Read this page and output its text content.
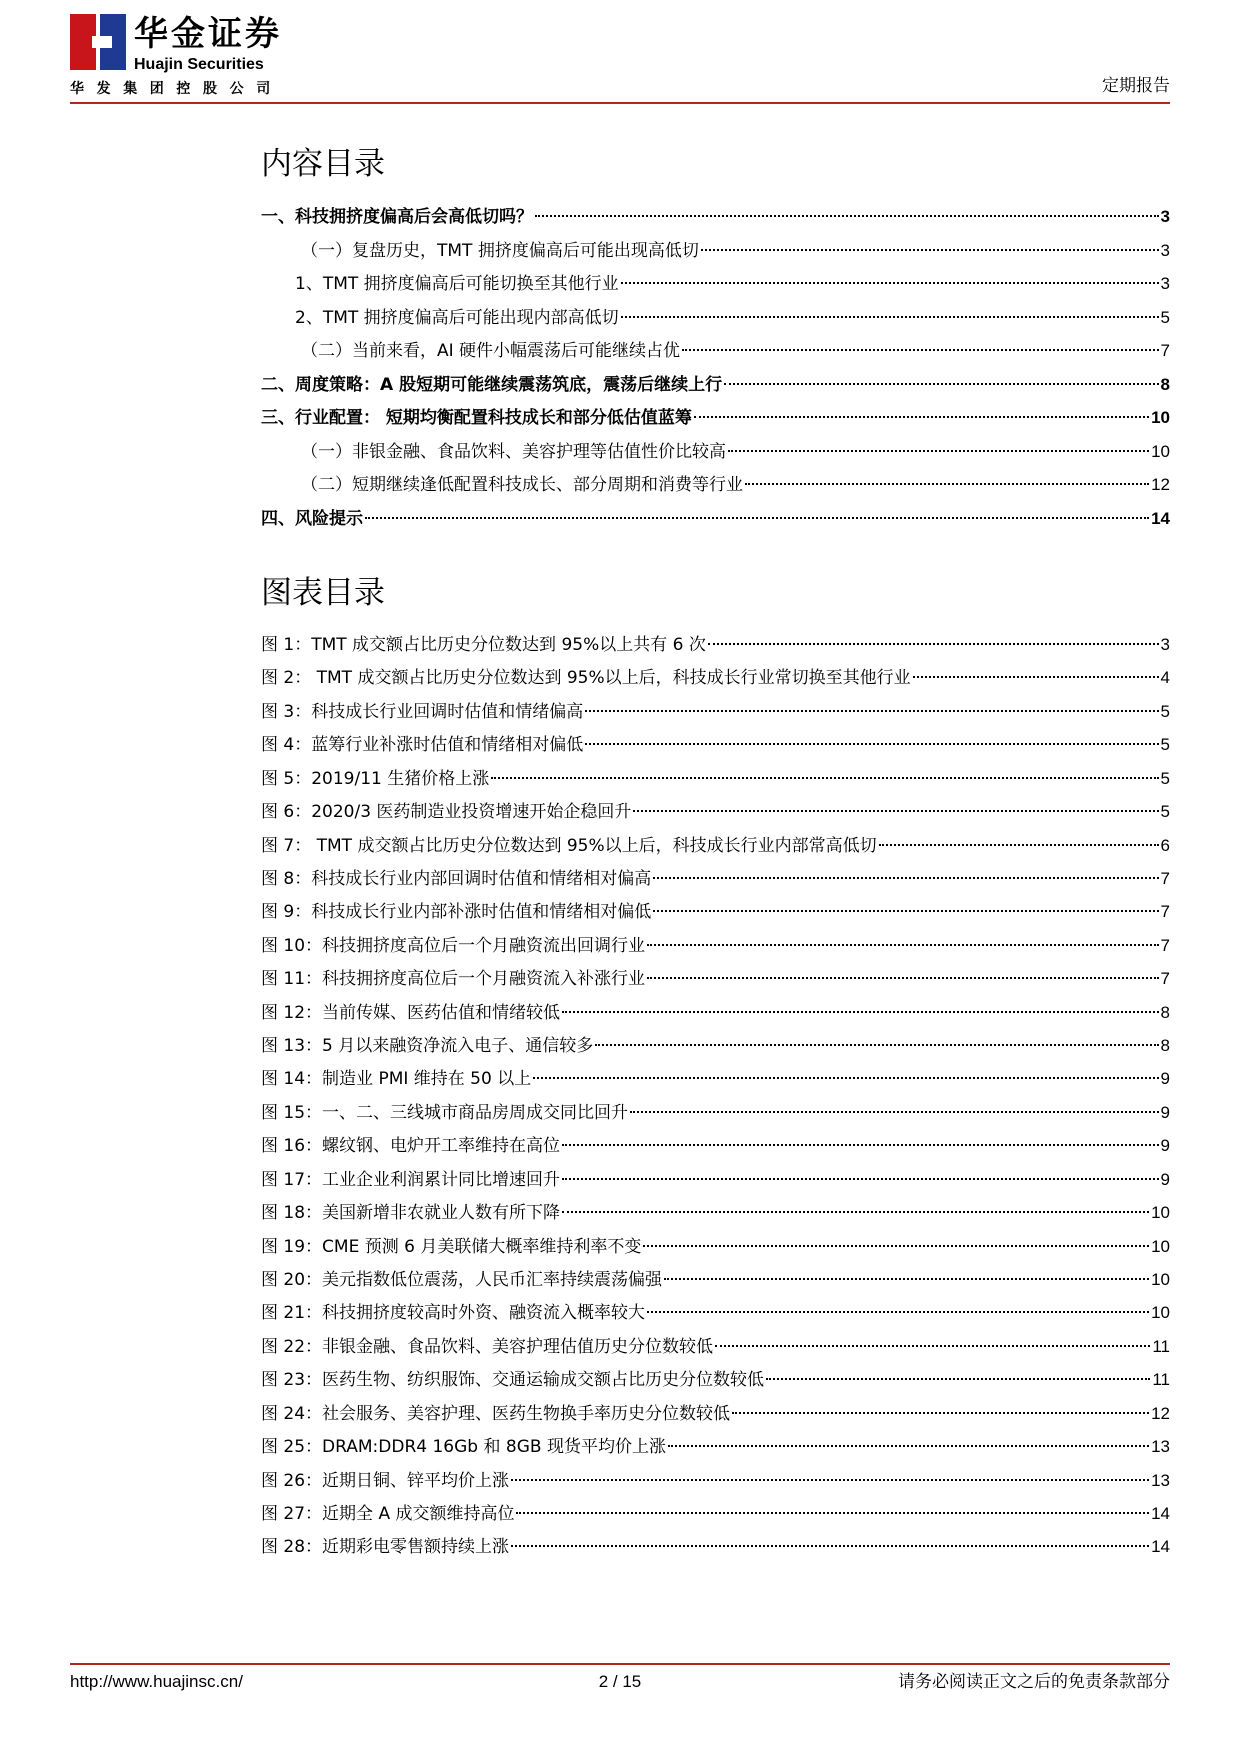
华金证券
Huajin Securities
华发集团控股公司	定期报告
内容目录
一、科技拥挤度偏高后会高低切吗？	3
（一）复盘历史，TMT 拥挤度偏高后可能出现高低切	3
1、TMT 拥挤度偏高后可能切换至其他行业	3
2、TMT 拥挤度偏高后可能出现内部高低切	5
（二）当前来看，AI 硬件小幅震荡后可能继续占优	7
二、周度策略：A 股短期可能继续震荡筑底，震荡后继续上行	8
三、行业配置： 短期均衡配置科技成长和部分低估值蓝筹	10
（一）非银金融、食品饮料、美容护理等估值性价比较高	10
（二）短期继续逢低配置科技成长、部分周期和消费等行业	12
四、风险提示	14
图表目录
图 1：TMT 成交额占比历史分位数达到 95%以上共有 6 次	3
图 2： TMT 成交额占比历史分位数达到 95%以上后，科技成长行业常切换至其他行业	4
图 3：科技成长行业回调时估值和情绪偏高	5
图 4：蓝筹行业补涨时估值和情绪相对偏低	5
图 5：2019/11 生猪价格上涨	5
图 6：2020/3 医药制造业投资增速开始企稳回升	5
图 7： TMT 成交额占比历史分位数达到 95%以上后，科技成长行业内部常高低切	6
图 8：科技成长行业内部回调时估值和情绪相对偏高	7
图 9：科技成长行业内部补涨时估值和情绪相对偏低	7
图 10：科技拥挤度高位后一个月融资流出回调行业	7
图 11：科技拥挤度高位后一个月融资流入补涨行业	7
图 12：当前传媒、医药估值和情绪较低	8
图 13：5 月以来融资净流入电子、通信较多	8
图 14：制造业 PMI 维持在 50 以上	9
图 15：一、二、三线城市商品房周成交同比回升	9
图 16：螺纹钢、电炉开工率维持在高位	9
图 17：工业企业利润累计同比增速回升	9
图 18：美国新增非农就业人数有所下降	10
图 19：CME 预测 6 月美联储大概率维持利率不变	10
图 20：美元指数低位震荡，人民币汇率持续震荡偏强	10
图 21：科技拥挤度较高时外资、融资流入概率较大	10
图 22：非银金融、食品饮料、美容护理估值历史分位数较低	11
图 23：医药生物、纺织服饰、交通运输成交额占比历史分位数较低	11
图 24：社会服务、美容护理、医药生物换手率历史分位数较低	12
图 25：DRAM:DDR4 16Gb 和 8GB 现货平均价上涨	13
图 26：近期日铜、锌平均价上涨	13
图 27：近期全 A 成交额维持高位	14
图 28：近期彩电零售额持续上涨	14
http://www.huajinsc.cn/	2 / 15	请务必阅读正文之后的免责条款部分
